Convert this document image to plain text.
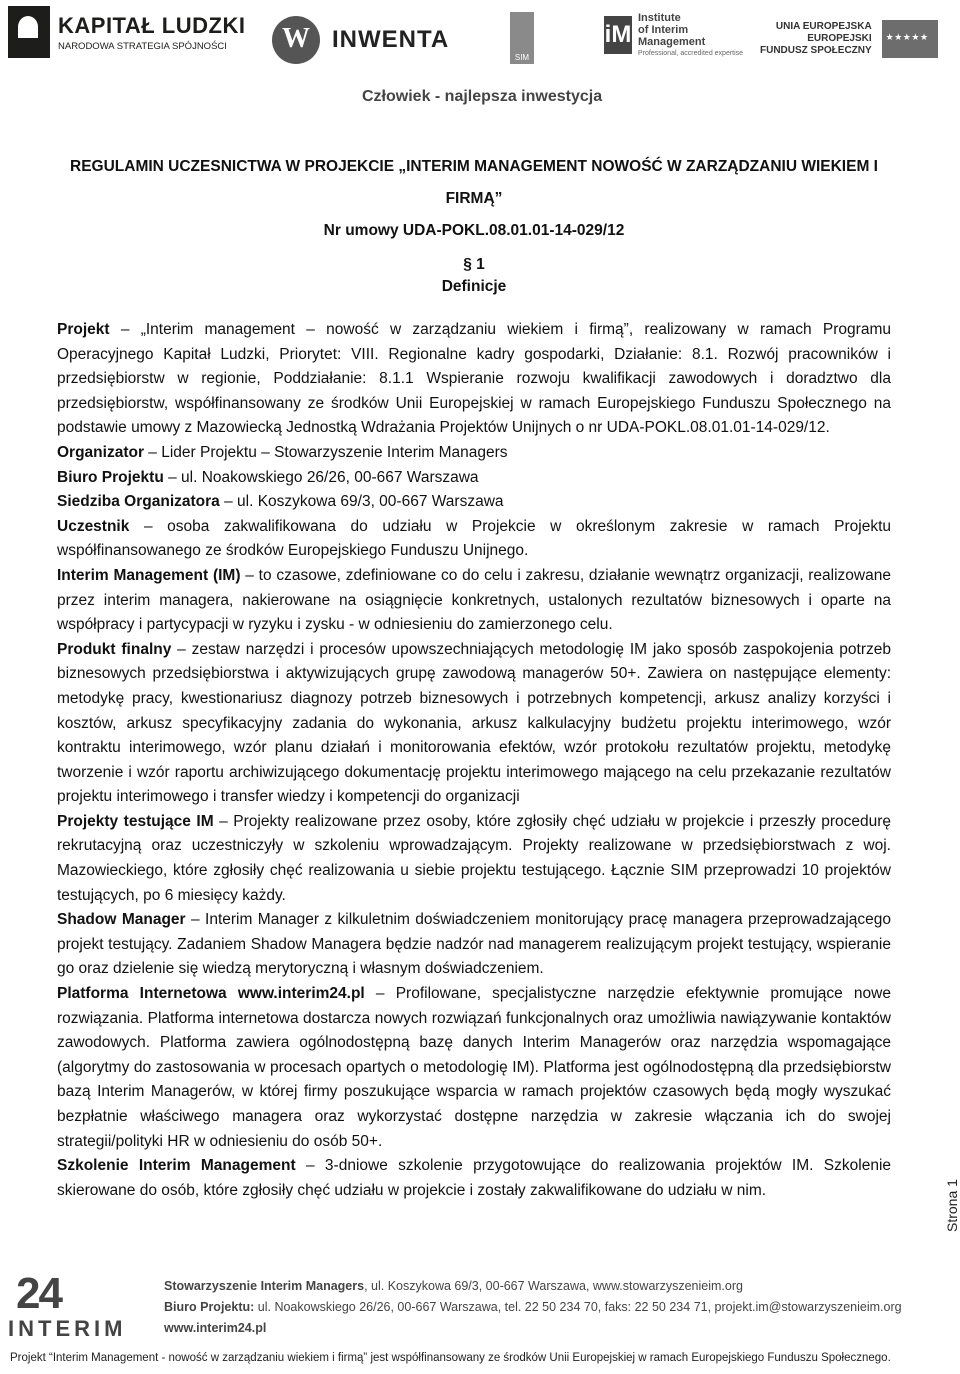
KAPITAŁ LUDZKI
NARODOWA STRATEGIA SPÓJNOŚCI
W	INWENTA
SIM
iM
Institute
of Interim
Management
Professional, accredited expertise
UNIA EUROPEJSKA
EUROPEJSKI
FUNDUSZ SPOŁECZNY
★ ★ ★ ★ ★
Człowiek - najlepsza inwestycja
REGULAMIN UCZESNICTWA W PROJEKCIE „INTERIM MANAGEMENT NOWOŚĆ W ZARZĄDZANIU WIEKIEM I
FIRMĄ”
Nr umowy UDA-POKL.08.01.01-14-029/12
§ 1
Definicje

Projekt – „Interim management – nowość w zarządzaniu wiekiem i firmą”, realizowany w ramach Programu Operacyjnego Kapitał Ludzki, Priorytet: VIII. Regionalne kadry gospodarki, Działanie: 8.1. Rozwój pracowników i przedsiębiorstw w regionie, Poddziałanie: 8.1.1 Wspieranie rozwoju kwalifikacji zawodowych i doradztwo dla przedsiębiorstw, współfinansowany ze środków Unii Europejskiej w ramach Europejskiego Funduszu Społecznego na podstawie umowy z Mazowiecką Jednostką Wdrażania Projektów Unijnych o nr UDA-POKL.08.01.01-14-029/12.

Organizator – Lider Projektu – Stowarzyszenie Interim Managers

Biuro Projektu – ul. Noakowskiego 26/26, 00-667 Warszawa

Siedziba Organizatora – ul. Koszykowa 69/3, 00-667 Warszawa

Uczestnik – osoba zakwalifikowana do udziału w Projekcie w określonym zakresie w ramach Projektu współfinansowanego ze środków Europejskiego Funduszu Unijnego.

Interim Management (IM) – to czasowe, zdefiniowane co do celu i zakresu, działanie wewnątrz organizacji, realizowane przez interim managera, nakierowane na osiągnięcie konkretnych, ustalonych rezultatów biznesowych i oparte na współpracy i partycypacji w ryzyku i zysku - w odniesieniu do zamierzonego celu.

Produkt finalny – zestaw narzędzi i procesów upowszechniających metodologię IM jako sposób zaspokojenia potrzeb biznesowych przedsiębiorstwa i aktywizujących grupę zawodową managerów 50+. Zawiera on następujące elementy: metodykę pracy, kwestionariusz diagnozy potrzeb biznesowych i potrzebnych kompetencji, arkusz analizy korzyści i kosztów, arkusz specyfikacyjny zadania do wykonania, arkusz kalkulacyjny budżetu projektu interimowego, wzór kontraktu interimowego, wzór planu działań i monitorowania efektów, wzór protokołu rezultatów projektu, metodykę tworzenie i wzór raportu archiwizującego dokumentację projektu interimowego mającego na celu przekazanie rezultatów projektu interimowego i transfer wiedzy i kompetencji do organizacji

Projekty testujące IM – Projekty realizowane przez osoby, które zgłosiły chęć udziału w projekcie i przeszły procedurę rekrutacyjną oraz uczestniczyły w szkoleniu wprowadzającym. Projekty realizowane w przedsiębiorstwach z woj. Mazowieckiego, które zgłosiły chęć realizowania u siebie projektu testującego. Łącznie SIM przeprowadzi 10 projektów testujących, po 6 miesięcy każdy.

Shadow Manager – Interim Manager z kilkuletnim doświadczeniem monitorujący pracę managera przeprowadzającego projekt testujący. Zadaniem Shadow Managera będzie nadzór nad managerem realizującym projekt testujący, wspieranie go oraz dzielenie się wiedzą merytoryczną i własnym doświadczeniem.

Platforma Internetowa www.interim24.pl – Profilowane, specjalistyczne narzędzie efektywnie promujące nowe rozwiązania. Platforma internetowa dostarcza nowych rozwiązań funkcjonalnych oraz umożliwia nawiązywanie kontaktów zawodowych. Platforma zawiera ogólnodostępną bazę danych Interim Managerów oraz narzędzia wspomagające (algorytmy do zastosowania w procesach opartych o metodologię IM). Platforma jest ogólnodostępną dla przedsiębiorstw bazą Interim Managerów, w której firmy poszukujące wsparcia w ramach projektów czasowych będą mogły wyszukać bezpłatnie właściwego managera oraz wykorzystać dostępne narzędzia w zakresie włączania ich do swojej strategii/polityki HR w odniesieniu do osób 50+.

Szkolenie Interim Management – 3-dniowe szkolenie przygotowujące do realizowania projektów IM. Szkolenie skierowane do osób, które zgłosiły chęć udziału w projekcie i zostały zakwalifikowane do udziału w nim.	Strona 1
24
INTERIM
Stowarzyszenie Interim Managers, ul. Koszykowa 69/3, 00-667 Warszawa, www.stowarzyszenieim.org
Biuro Projektu: ul. Noakowskiego 26/26, 00-667 Warszawa, tel. 22 50 234 70, faks: 22 50 234 71, projekt.im@stowarzyszenieim.org
www.interim24.pl
Projekt “Interim Management - nowość w zarządzaniu wiekiem i firmą” jest współfinansowany ze środków Unii Europejskiej w ramach Europejskiego Funduszu Społecznego.
